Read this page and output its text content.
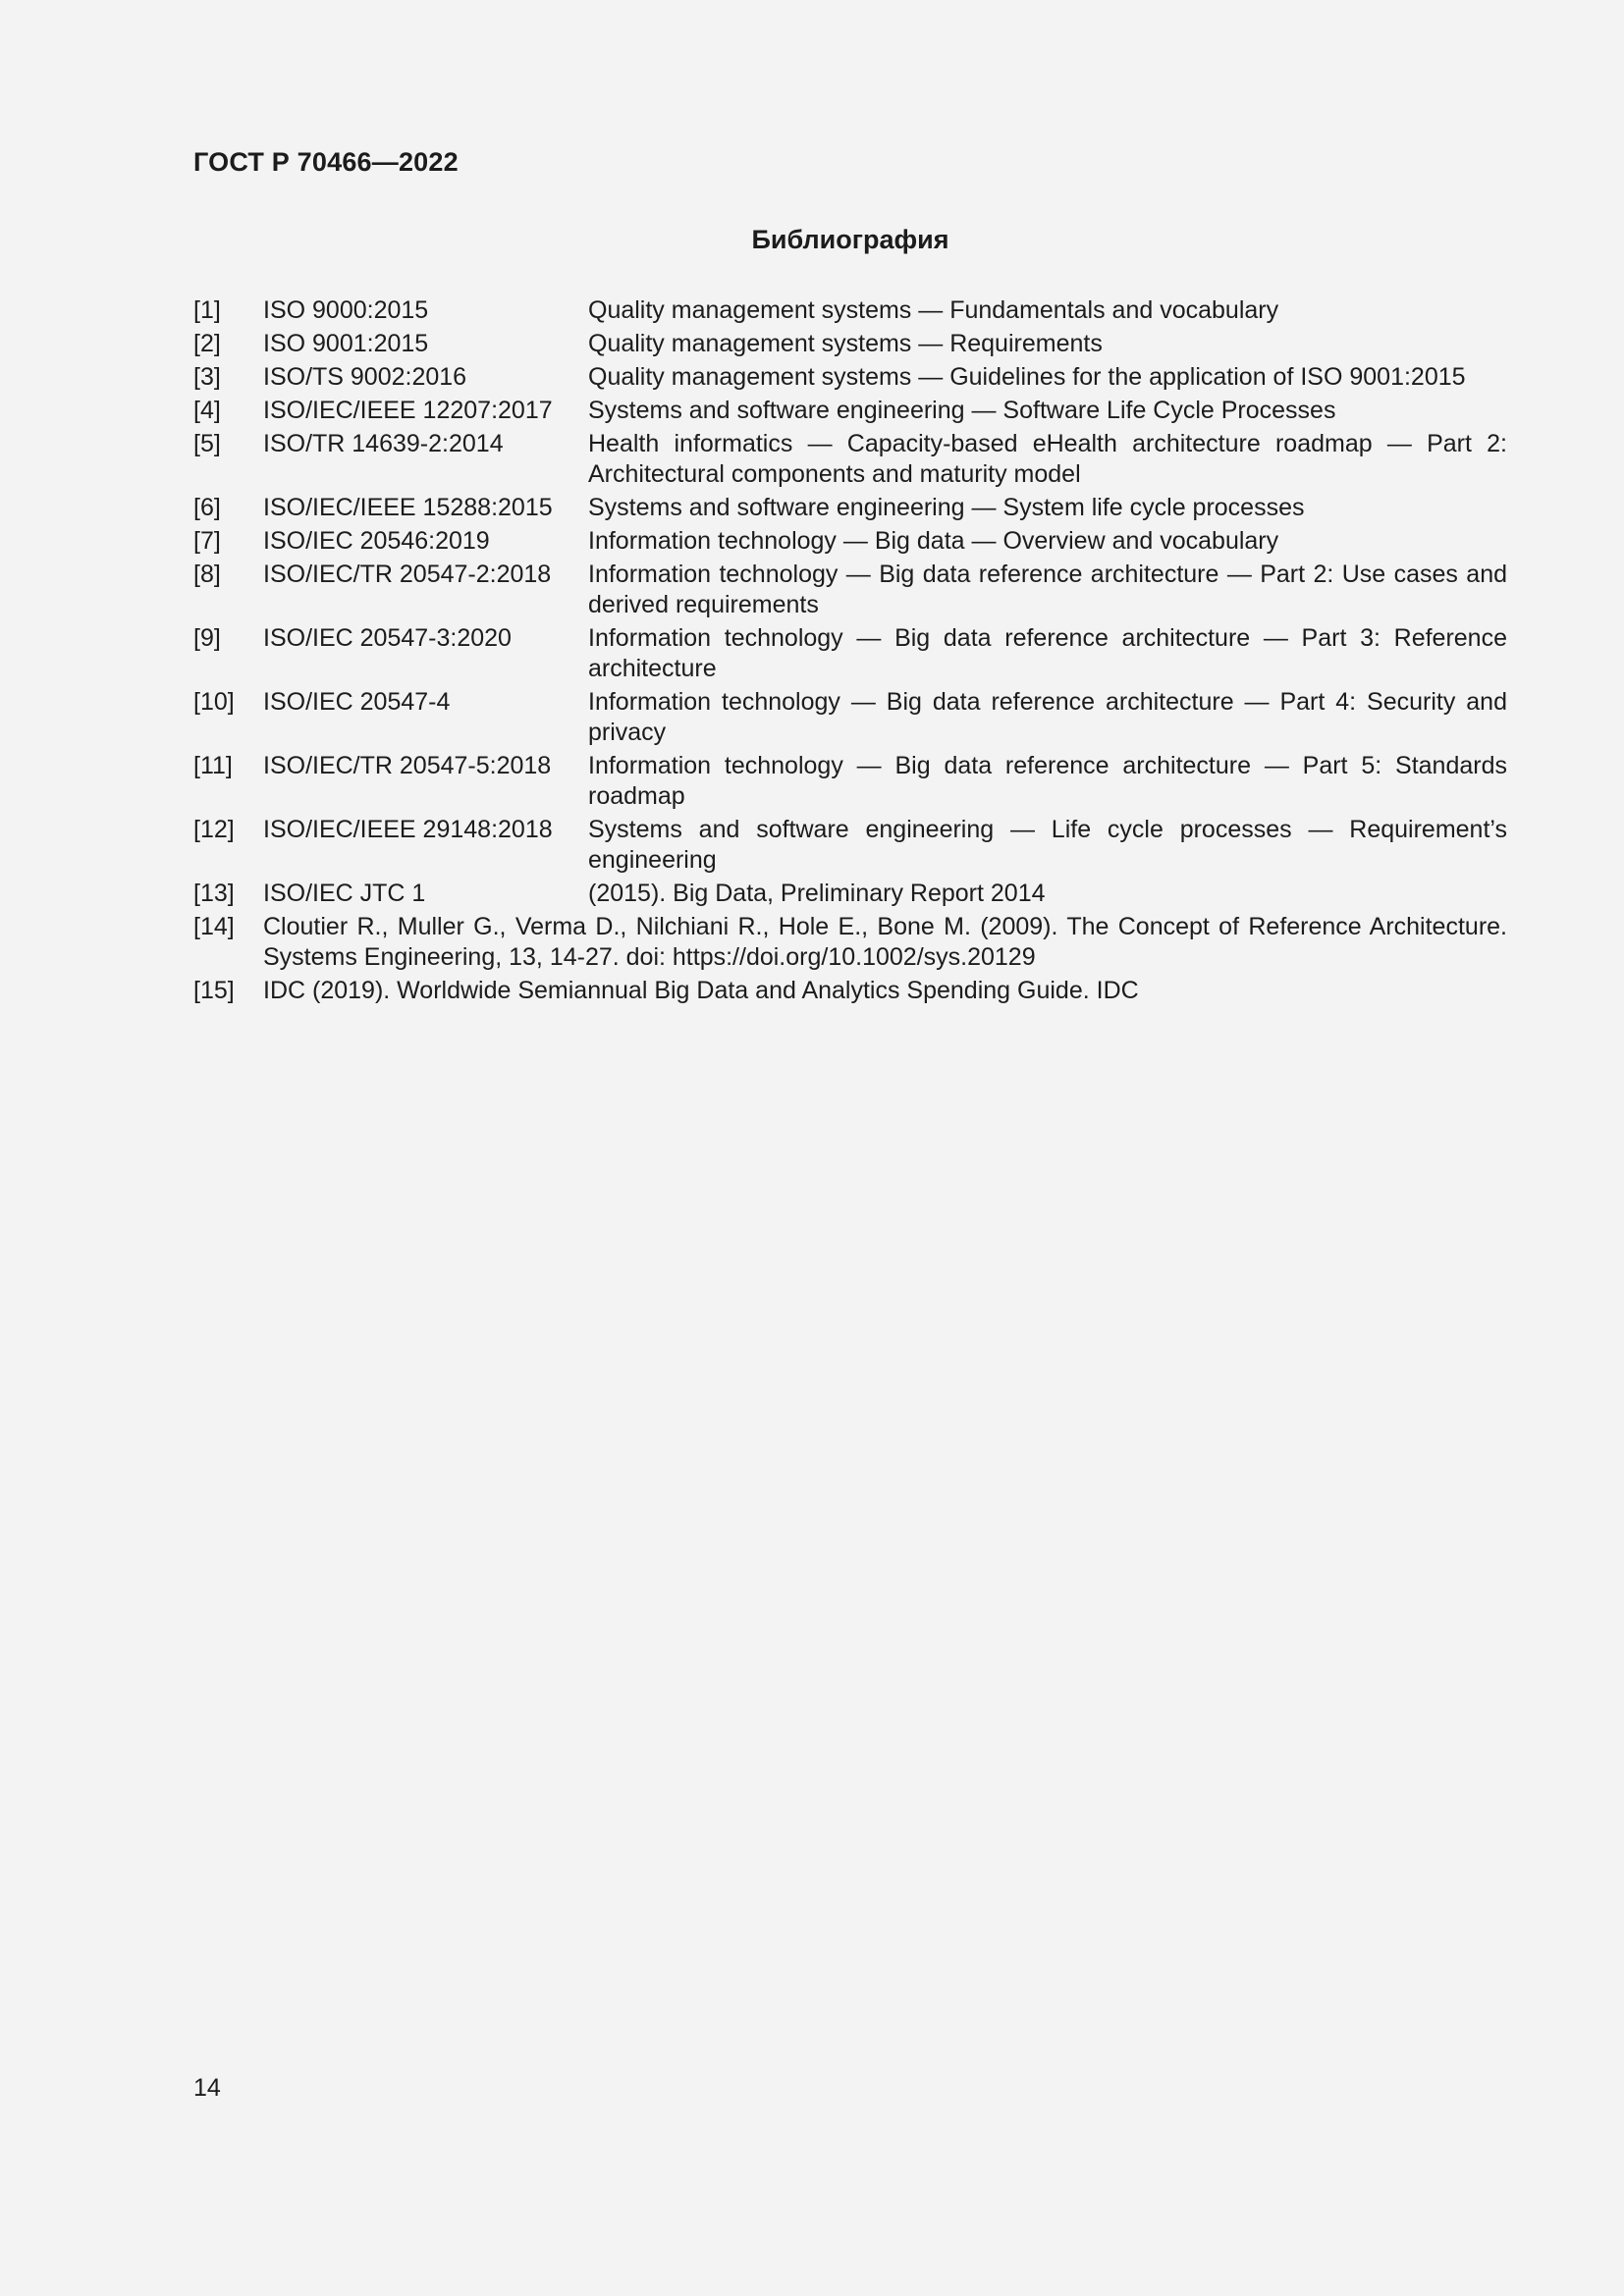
ГОСТ Р 70466—2022
Библиография
[1]	ISO 9000:2015	Quality management systems — Fundamentals and vocabulary
[2]	ISO 9001:2015	Quality management systems — Requirements
[3]	ISO/TS 9002:2016	Quality management systems — Guidelines for the application of ISO 9001:2015
[4]	ISO/IEC/IEEE 12207:2017	Systems and software engineering — Software Life Cycle Processes
[5]	ISO/TR 14639-2:2014	Health informatics — Capacity-based eHealth architecture roadmap — Part 2: Architectural components and maturity model
[6]	ISO/IEC/IEEE 15288:2015	Systems and software engineering — System life cycle processes
[7]	ISO/IEC 20546:2019	Information technology — Big data — Overview and vocabulary
[8]	ISO/IEC/TR 20547-2:2018	Information technology — Big data reference architecture — Part 2: Use cases and derived requirements
[9]	ISO/IEC 20547-3:2020	Information technology — Big data reference architecture — Part 3: Reference architecture
[10]	ISO/IEC 20547-4	Information technology — Big data reference architecture — Part 4: Security and privacy
[11]	ISO/IEC/TR 20547-5:2018	Information technology — Big data reference architecture — Part 5: Standards roadmap
[12]	ISO/IEC/IEEE 29148:2018	Systems and software engineering — Life cycle processes — Requirement’s engineering
[13]	ISO/IEC JTC 1	(2015). Big Data, Preliminary Report 2014
[14]	Cloutier R., Muller G., Verma D., Nilchiani R., Hole E., Bone M. (2009). The Concept of Reference Architecture. Systems Engineering, 13, 14-27. doi: https://doi.org/10.1002/sys.20129
[15]	IDC (2019). Worldwide Semiannual Big Data and Analytics Spending Guide. IDC
14
